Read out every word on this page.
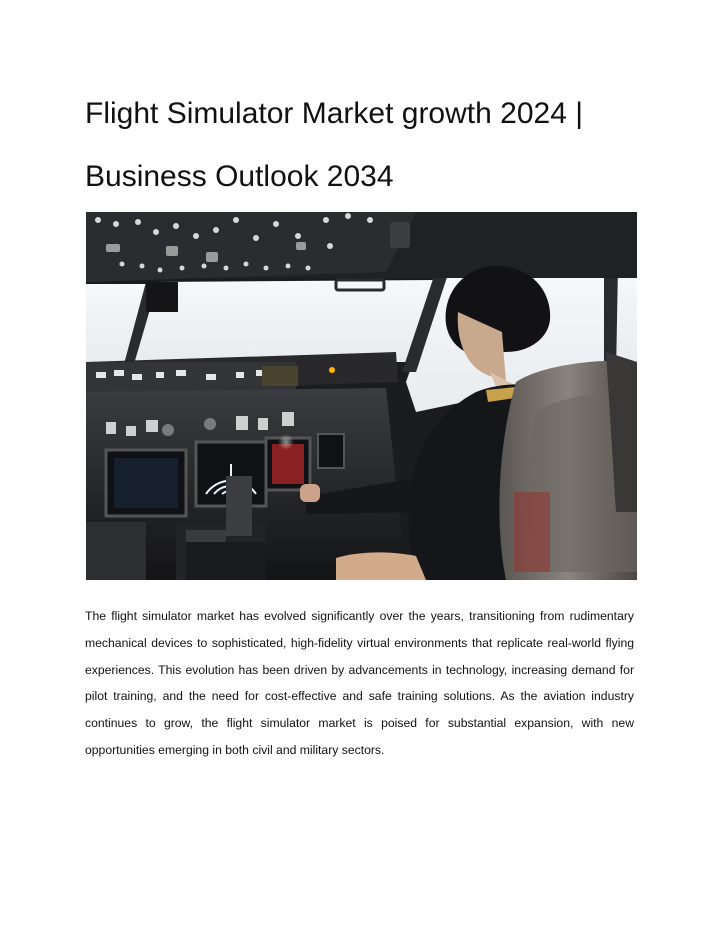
Flight Simulator Market growth 2024 | Business Outlook 2034

The flight simulator market has evolved significantly over the years, transitioning from rudimentary mechanical devices to sophisticated, high-fidelity virtual environments that replicate real-world flying experiences. This evolution has been driven by advancements in technology, increasing demand for pilot training, and the need for cost-effective and safe training solutions. As the aviation industry continues to grow, the flight simulator market is poised for substantial expansion, with new opportunities emerging in both civil and military sectors.
